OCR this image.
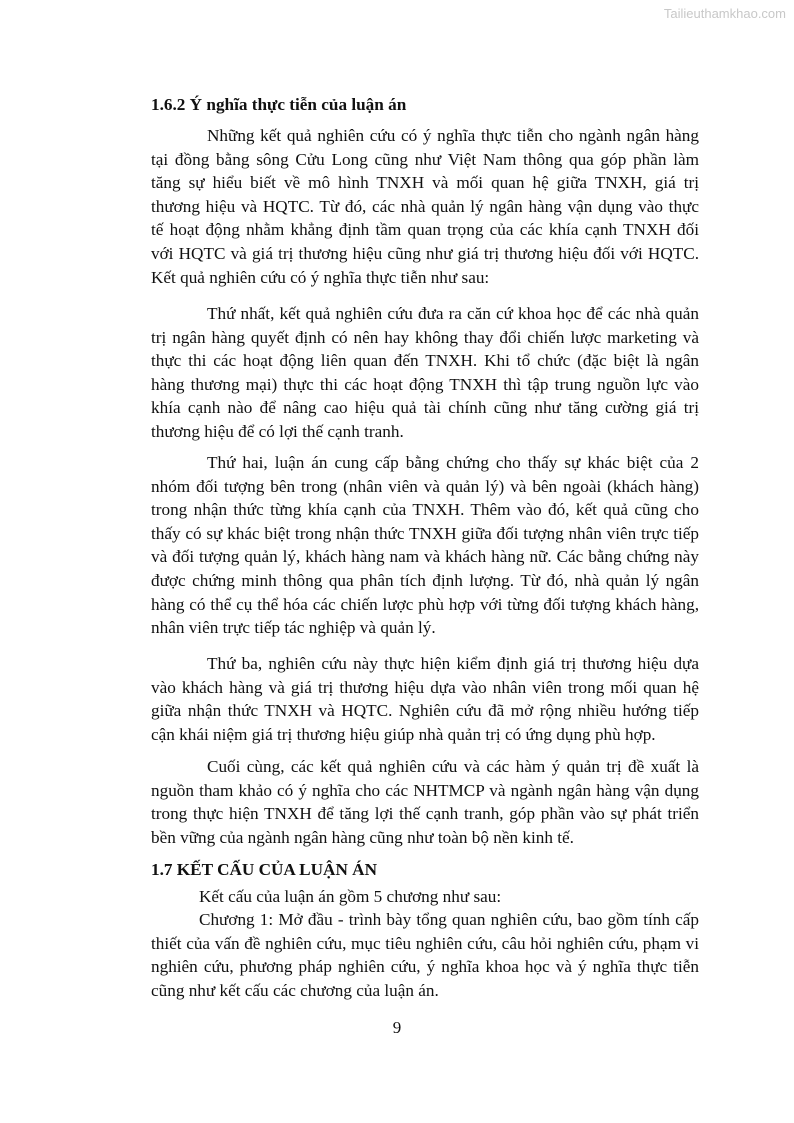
Tailieuthamkhao.com
1.6.2 Ý nghĩa thực tiễn của luận án
Những kết quả nghiên cứu có ý nghĩa thực tiễn cho ngành ngân hàng
tại đồng bằng sông Cửu Long cũng như Việt Nam thông qua góp phần làm
tăng sự hiểu biết về mô hình TNXH và mối quan hệ giữa TNXH, giá trị
thương hiệu và HQTC. Từ đó, các nhà quản lý ngân hàng vận dụng vào thực
tế hoạt động nhằm khẳng định tầm quan trọng của các khía cạnh TNXH đối
với HQTC và giá trị thương hiệu cũng như giá trị thương hiệu đối với HQTC.
Kết quả nghiên cứu có ý nghĩa thực tiễn như sau:
Thứ nhất, kết quả nghiên cứu đưa ra căn cứ khoa học để các nhà quản
trị ngân hàng quyết định có nên hay không thay đổi chiến lược marketing và
thực thi các hoạt động liên quan đến TNXH. Khi tổ chức (đặc biệt là ngân
hàng thương mại) thực thi các hoạt động TNXH thì tập trung nguồn lực vào
khía cạnh nào để nâng cao hiệu quả tài chính cũng như tăng cường giá trị
thương hiệu để có lợi thế cạnh tranh.
Thứ hai, luận án cung cấp bằng chứng cho thấy sự khác biệt của 2
nhóm đối tượng bên trong (nhân viên và quản lý) và bên ngoài (khách hàng)
trong nhận thức từng khía cạnh của TNXH. Thêm vào đó, kết quả cũng cho
thấy có sự khác biệt trong nhận thức TNXH giữa đối tượng nhân viên trực tiếp
và đối tượng quản lý, khách hàng nam và khách hàng nữ. Các bằng chứng này
được chứng minh thông qua phân tích định lượng. Từ đó, nhà quản lý ngân
hàng có thể cụ thể hóa các chiến lược phù hợp với từng đối tượng khách hàng,
nhân viên trực tiếp tác nghiệp và quản lý.
Thứ ba, nghiên cứu này thực hiện kiểm định giá trị thương hiệu dựa
vào khách hàng và giá trị thương hiệu dựa vào nhân viên trong mối quan hệ
giữa nhận thức TNXH và HQTC. Nghiên cứu đã mở rộng nhiều hướng tiếp
cận khái niệm giá trị thương hiệu giúp nhà quản trị có ứng dụng phù hợp.
Cuối cùng, các kết quả nghiên cứu và các hàm ý quản trị đề xuất là
nguồn tham khảo có ý nghĩa cho các NHTMCP và ngành ngân hàng vận dụng
trong thực hiện TNXH để tăng lợi thế cạnh tranh, góp phần vào sự phát triển
bền vững của ngành ngân hàng cũng như toàn bộ nền kinh tế.
1.7 KẾT CẤU CỦA LUẬN ÁN
Kết cấu của luận án gồm 5 chương như sau:
Chương 1: Mở đầu - trình bày tổng quan nghiên cứu, bao gồm tính cấp
thiết của vấn đề nghiên cứu, mục tiêu nghiên cứu, câu hỏi nghiên cứu, phạm vi
nghiên cứu, phương pháp nghiên cứu, ý nghĩa khoa học và ý nghĩa thực tiễn
cũng như kết cấu các chương của luận án.
9
